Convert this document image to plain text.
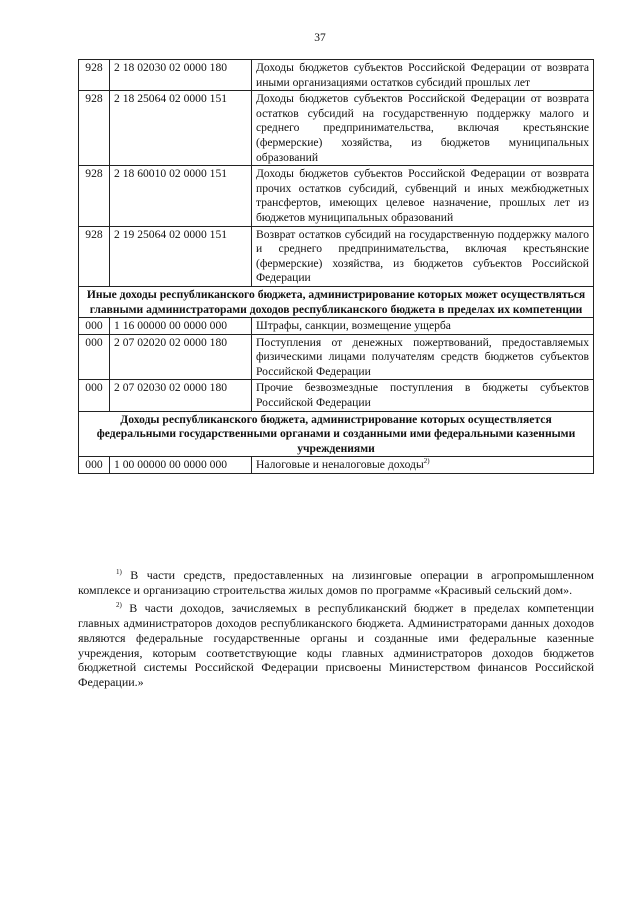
37
928	2 18 02030 02 0000 180	Доходы бюджетов субъектов Российской Федерации от возврата иными организациями остатков субсидий прошлых лет
928	2 18 25064 02 0000 151	Доходы бюджетов субъектов Российской Федерации от возврата остатков субсидий на государственную поддержку малого и среднего предпринимательства, включая крестьянские (фермерские) хозяйства, из бюджетов муниципальных образований
928	2 18 60010 02 0000 151	Доходы бюджетов субъектов Российской Федерации от возврата прочих остатков субсидий, субвенций и иных межбюджетных трансфертов, имеющих целевое назначение, прошлых лет из бюджетов муниципальных образований
928	2 19 25064 02 0000 151	Возврат остатков субсидий на государственную поддержку малого и среднего предпринимательства, включая крестьянские (фермерские) хозяйства, из бюджетов субъектов Российской Федерации
Иные доходы республиканского бюджета, администрирование которых может осуществляться главными администраторами доходов республиканского бюджета в пределах их компетенции		
000	1 16 00000 00 0000 000	Штрафы, санкции, возмещение ущерба
000	2 07 02020 02 0000 180	Поступления от денежных пожертвований, предоставляемых физическими лицами получателям средств бюджетов субъектов Российской Федерации
000	2 07 02030 02 0000 180	Прочие безвозмездные поступления в бюджеты субъектов Российской Федерации
Доходы республиканского бюджета, администрирование которых осуществляется федеральными государственными органами и созданными ими федеральными казенными учреждениями		
000	1 00 00000 00 0000 000	Налоговые и неналоговые доходы$^{2)}$

$^{1)}$ В части средств, предоставленных на лизинговые операции в агропромышленном комплексе и организацию строительства жилых домов по программе «Красивый сельский дом».

$^{2)}$ В части доходов, зачисляемых в республиканский бюджет в пределах компетенции главных администраторов доходов республиканского бюджета. Администраторами данных доходов являются федеральные государственные органы и созданные ими федеральные казенные учреждения, которым соответствующие коды главных администраторов доходов бюджетов бюджетной системы Российской Федерации присвоены Министерством финансов Российской Федерации.»
